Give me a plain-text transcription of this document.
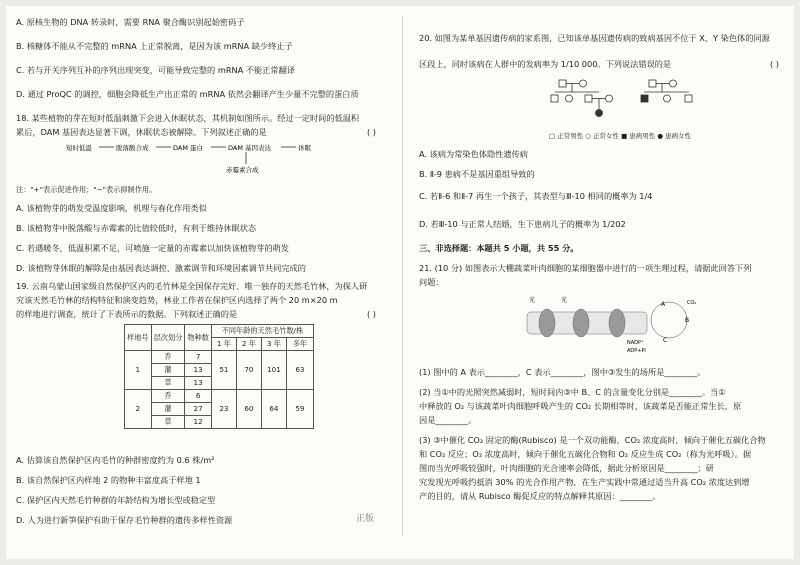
A. 原核生物的 DNA 转录时，需要 RNA 聚合酶识别起始密码子

B. 核糖体不能从不完整的 mRNA 上正常脱离，是因为该 mRNA 缺少终止子

C. 若与开关序列互补的序列出现突变，可能导致完整的 mRNA 不能正常翻译

D. 通过 ProQC 的调控，细胞会降低生产出正常的 mRNA 依然会翻译产生少量不完整的蛋白质

18. 某些植物的芽在短时低温刺激下会进入休眠状态，其机制如图所示。经过一定时间的低温积

累后，DAM 基因表达显著下调，休眠状态被解除。下列叙述正确的是	( )

短时低温	脱落酸合成	DAM 蛋白	DAM 基因表达	休眠
赤霉素合成

注："+"表示促进作用；"−"表示抑制作用。

A. 该植物芽的萌发受温度影响，机理与春化作用类似

B. 该植物芽中脱落酸与赤霉素的比值较低时，有利于维持休眠状态

C. 若遇暖冬，低温积累不足，可喷施一定量的赤霉素以加快该植物芽的萌发

D. 该植物芽休眠的解除是由基因表达调控、激素调节和环境因素调节共同完成的

19. 云南乌蒙山国家级自然保护区内的毛竹林是全国保存完好、唯一独存的天然毛竹林，为探人研

究该天然毛竹林的结构特征和演变趋势，林业工作者在保护区内选择了两个 20 m×20 m

的样地进行调查，统计了下表所示的数据。下列叙述正确的是	( )

样地号	层次划分	物种数	不同年龄的天然毛竹数/株			
			1 年	2 年	3 年	多年
1	乔	7	51	70	101	63
	灌	13				
	草	13				
2	乔	6	23	60	64	59
	灌	27				
	草	12				

A. 估算该自然保护区内毛竹的种群密度约为 0.6 株/m²

B. 该自然保护区内样地 2 的物种丰富度高于样地 1

C. 保护区内天然毛竹种群的年龄结构为增长型或稳定型

D. 人为进行新笋保护有助于保存毛竹种群的遗传多样性资源	正版

20. 如图为某单基因遗传病的家系图，已知该单基因遗传病的致病基因不位于 X、Y 染色体的同源

区段上，同时该病在人群中的发病率为 1/10 000。下列说法错误的是	( )

□ 正常男性 ○ 正常女性 ■ 患病男性 ● 患病女性

A. 该病为常染色体隐性遗传病

B. Ⅱ-9 患病不是基因重组导致的

C. 若Ⅱ-6 和Ⅱ-7 再生一个孩子，其表型与Ⅲ-10 相同的概率为 1/4

D. 若Ⅲ-10 与正常人结婚，生下患病儿子的概率为 1/202

三、非选择题：本题共 5 小题，共 55 分。

21. (10 分) 如图表示大棚蔬菜叶肉细胞的某细胞器中进行的一项生理过程，请据此回答下列

问题：

光	光
A
B
C
NADP⁺
ADP+Pi
CO₂

(1) 图中的 A 表示________，C 表示________，图中③发生的场所是________。

(2) 当①中的光照突然减弱时，短时间内③中 B、C 的含量变化分别是________。当①

中释放的 O₂ 与该蔬菜叶肉细胞呼吸产生的 CO₂ 长期相等时，该蔬菜是否能正常生长，原

因是________。

(3) ③中催化 CO₂ 固定的酶(Rubisco) 是一个双功能酶，CO₂ 浓度高时，倾向于催化五碳化合物

和 CO₂ 反应；O₂ 浓度高时，倾向于催化五碳化合物和 O₂ 反应生成 CO₂（称为光呼吸）。据

图而当光呼吸较强时，叶肉细胞的光合速率会降低，据此分析原因是________；研

究发现光呼吸约抵消 30% 的光合作用产物，在生产实践中常通过适当升高 CO₂ 浓度达到增

产的目的，请从 Rubisco 酶促反应的特点解释其原因：________。
